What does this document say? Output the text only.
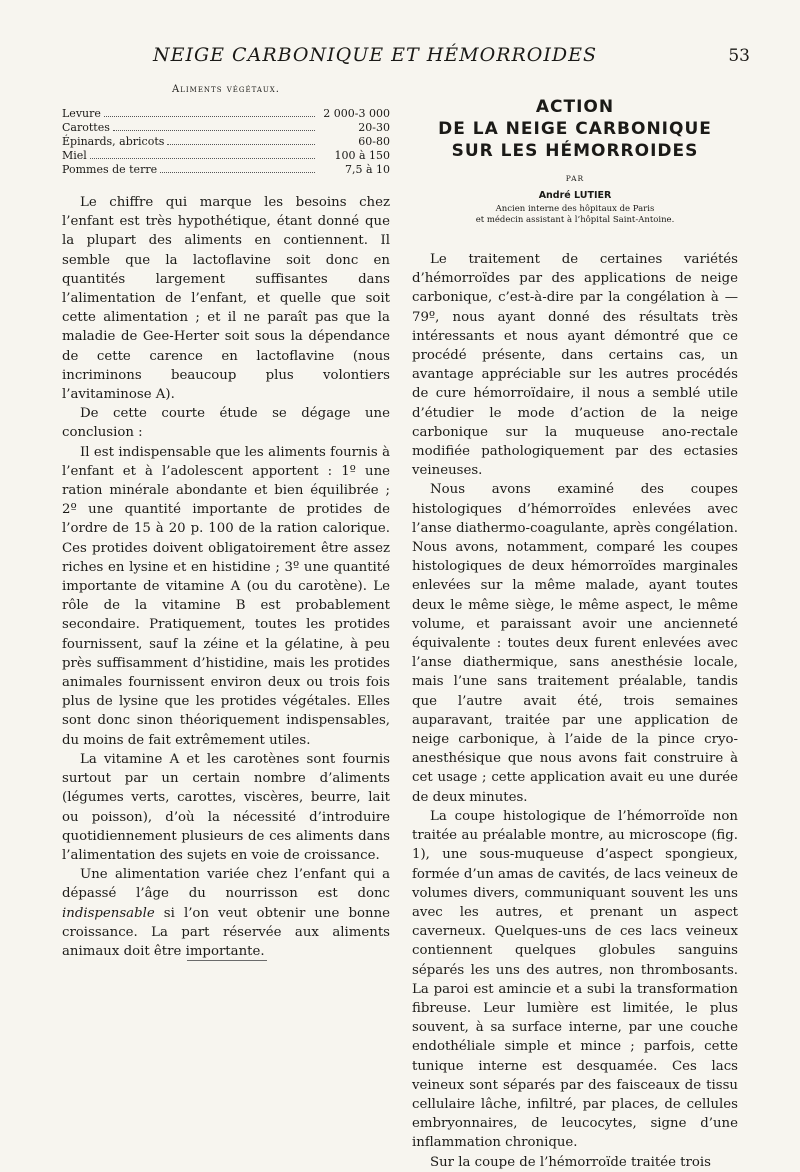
NEIGE CARBONIQUE ET HÉMORROIDES	53
Aliments végétaux.
Levure	2 000-3 000
Carottes	20-30
Épinards, abricots	60-80
Miel	100 à 150
Pommes de terre	7,5 à 10

Le chiffre qui marque les besoins chez l’enfant est très hypothétique, étant donné que la plupart des aliments en contiennent. Il semble que la lactoflavine soit donc en quantités largement suffisantes dans l’alimentation de l’enfant, et quelle que soit cette alimentation ; et il ne paraît pas que la maladie de Gee-Herter soit sous la dépendance de cette carence en lactoflavine (nous incriminons beaucoup plus volontiers l’avitaminose A).

De cette courte étude se dégage une conclusion :

Il est indispensable que les aliments fournis à l’enfant et à l’adolescent apportent : 1º une ration minérale abondante et bien équilibrée ; 2º une quantité importante de protides de l’ordre de 15 à 20 p. 100 de la ration calorique. Ces protides doivent obligatoirement être assez riches en lysine et en histidine ; 3º une quantité importante de vitamine A (ou du carotène). Le rôle de la vitamine B est probablement secondaire. Pratiquement, toutes les protides fournissent, sauf la zéine et la gélatine, à peu près suffisamment d’histidine, mais les protides animales fournissent environ deux ou trois fois plus de lysine que les protides végétales. Elles sont donc sinon théoriquement indispensables, du moins de fait extrêmement utiles.

La vitamine A et les carotènes sont fournis surtout par un certain nombre d’aliments (légumes verts, carottes, viscères, beurre, lait ou poisson), d’où la nécessité d’introduire quotidiennement plusieurs de ces aliments dans l’alimentation des sujets en voie de croissance.

Une alimentation variée chez l’enfant qui a dépassé l’âge du nourrisson est donc indispensable si l’on veut obtenir une bonne croissance. La part réservée aux aliments animaux doit être importante.

ACTION
DE LA NEIGE CARBONIQUE
SUR LES HÉMORROIDES
PAR
André LUTIER
Ancien interne des hôpitaux de Paris
et médecin assistant à l’hôpital Saint-Antoine.

Le traitement de certaines variétés d’hémorroïdes par des applications de neige carbonique, c’est-à-dire par la congélation à — 79º, nous ayant donné des résultats très intéressants et nous ayant démontré que ce procédé présente, dans certains cas, un avantage appréciable sur les autres procédés de cure hémorroïdaire, il nous a semblé utile d’étudier le mode d’action de la neige carbonique sur la muqueuse ano-rectale modifiée pathologiquement par des ectasies veineuses.

Nous avons examiné des coupes histologiques d’hémorroïdes enlevées avec l’anse diathermo-coagulante, après congélation. Nous avons, notamment, comparé les coupes histologiques de deux hémorroïdes marginales enlevées sur la même malade, ayant toutes deux le même siège, le même aspect, le même volume, et paraissant avoir une ancienneté équivalente : toutes deux furent enlevées avec l’anse diathermique, sans anesthésie locale, mais l’une sans traitement préalable, tandis que l’autre avait été, trois semaines auparavant, traitée par une application de neige carbonique, à l’aide de la pince cryo-anesthésique que nous avons fait construire à cet usage ; cette application avait eu une durée de deux minutes.

La coupe histologique de l’hémorroïde non traitée au préalable montre, au microscope (fig. 1), une sous-muqueuse d’aspect spongieux, formée d’un amas de cavités, de lacs veineux de volumes divers, communiquant souvent les uns avec les autres, et prenant un aspect caverneux. Quelques-uns de ces lacs veineux contiennent quelques globules sanguins séparés les uns des autres, non thrombosants. La paroi est amincie et a subi la transformation fibreuse. Leur lumière est limitée, le plus souvent, à sa surface interne, par une couche endothéliale simple et mince ; parfois, cette tunique interne est desquamée. Ces lacs veineux sont séparés par des faisceaux de tissu cellulaire lâche, infiltré, par places, de cellules embryonnaires, de leucocytes, signe d’une inflammation chronique.

Sur la coupe de l’hémorroïde traitée trois
